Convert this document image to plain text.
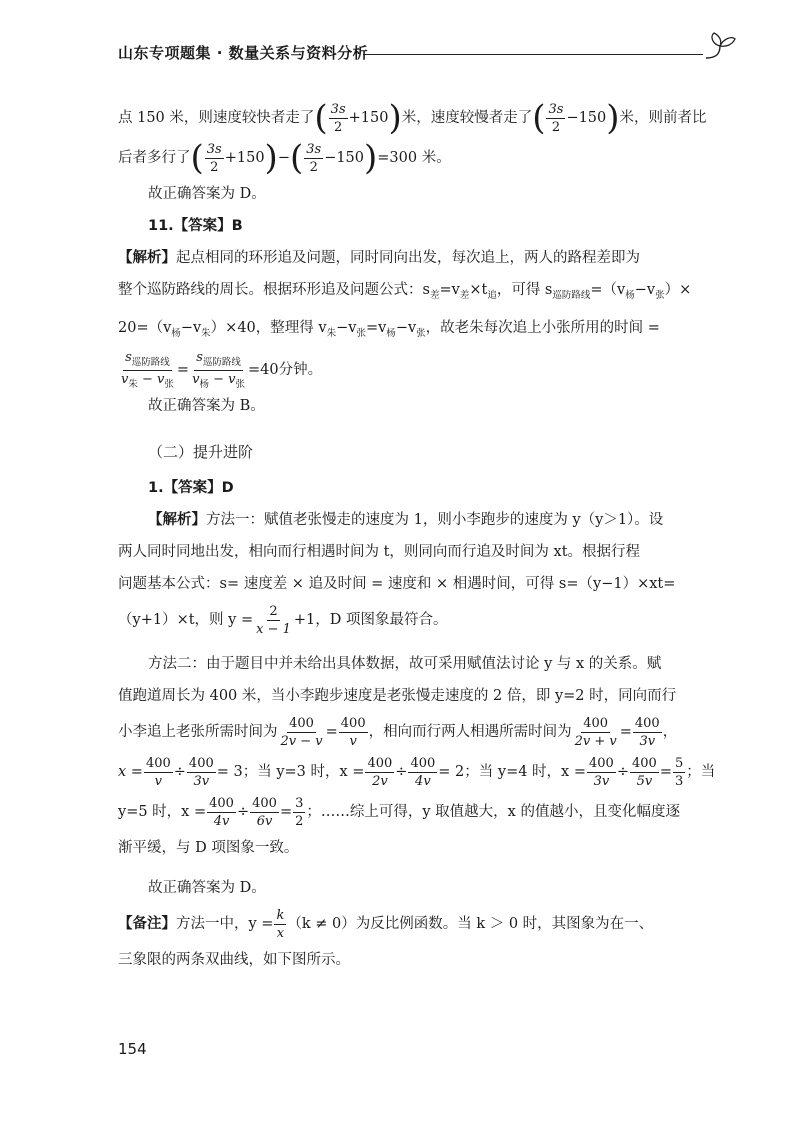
山东专项题集 · 数量关系与资料分析
点 150 米，则速度较快者走了( $\frac{3s}{2} +150$)米，速度较慢者走了( $\frac{3s}{2} -150$)米，则前者比
后者多行了( $\frac{3s}{2} +150)-( \frac{3s}{2} -150)=300$ 米。
故正确答案为 D。
11.【答案】B
【解析】起点相同的环形追及问题，同时同向出发，每次追上，两人的路程差即为
整个巡防路线的周长。根据环形追及问题公式：$s_差=v_差\times t_追$，可得 $s_{巡防路线}=(v_杨-v_张)\times$
$20=(v_杨-v_朱)\times 40$，整理得 $v_朱-v_张=v_杨-v_张$，故老朱每次追上小张所用的时间 =
$\frac{s_{巡防路线}}{v_朱 - v_张} = \frac{s_{巡防路线}}{v_杨 - v_张} =40$分钟。
故正确答案为 B。
（二）提升进阶
1.【答案】D
【解析】方法一：赋值老张慢走的速度为 1，则小李跑步的速度为 y（y＞1）。设
两人同时同地出发，相向而行相遇时间为 t，则同向而行追及时间为 xt。根据行程
问题基本公式：s= 速度差 × 追及时间 = 速度和 × 相遇时间，可得 s=（y−1）×xt=
（y+1）×t，则 $y = \frac{2}{x - 1} +1$，D 项图象最符合。
方法二：由于题目中并未给出具体数据，故可采用赋值法讨论 y 与 x 的关系。赋
值跑道周长为 400 米，当小李跑步速度是老张慢走速度的 2 倍，即 y=2 时，同向而行
小李追上老张所需时间为 $\frac{400}{2v - v} = \frac{400}{v}$ ，相向而行两人相遇所需时间为 $\frac{400}{2v + v} = \frac{400}{3v}$ ，
$x = \frac{400}{v} \div \frac{400}{3v} = 3$；当 y=3 时，$x = \frac{400}{2v} \div \frac{400}{4v} = 2$；当 y=4 时，$x = \frac{400}{3v} \div \frac{400}{5v} = \frac{5}{3}$ ；当
y=5 时，$x = \frac{400}{4v} \div \frac{400}{6v} = \frac{3}{2}$ ；……综上可得，y 取值越大，x 的值越小，且变化幅度逐
渐平缓，与 D 项图象一致。
故正确答案为 D。
【备注】方法一中，$y = \frac{k}{x} (k \ne 0)$为反比例函数。当 k ＞ 0 时，其图象为在一、
三象限的两条双曲线，如下图所示。
154
